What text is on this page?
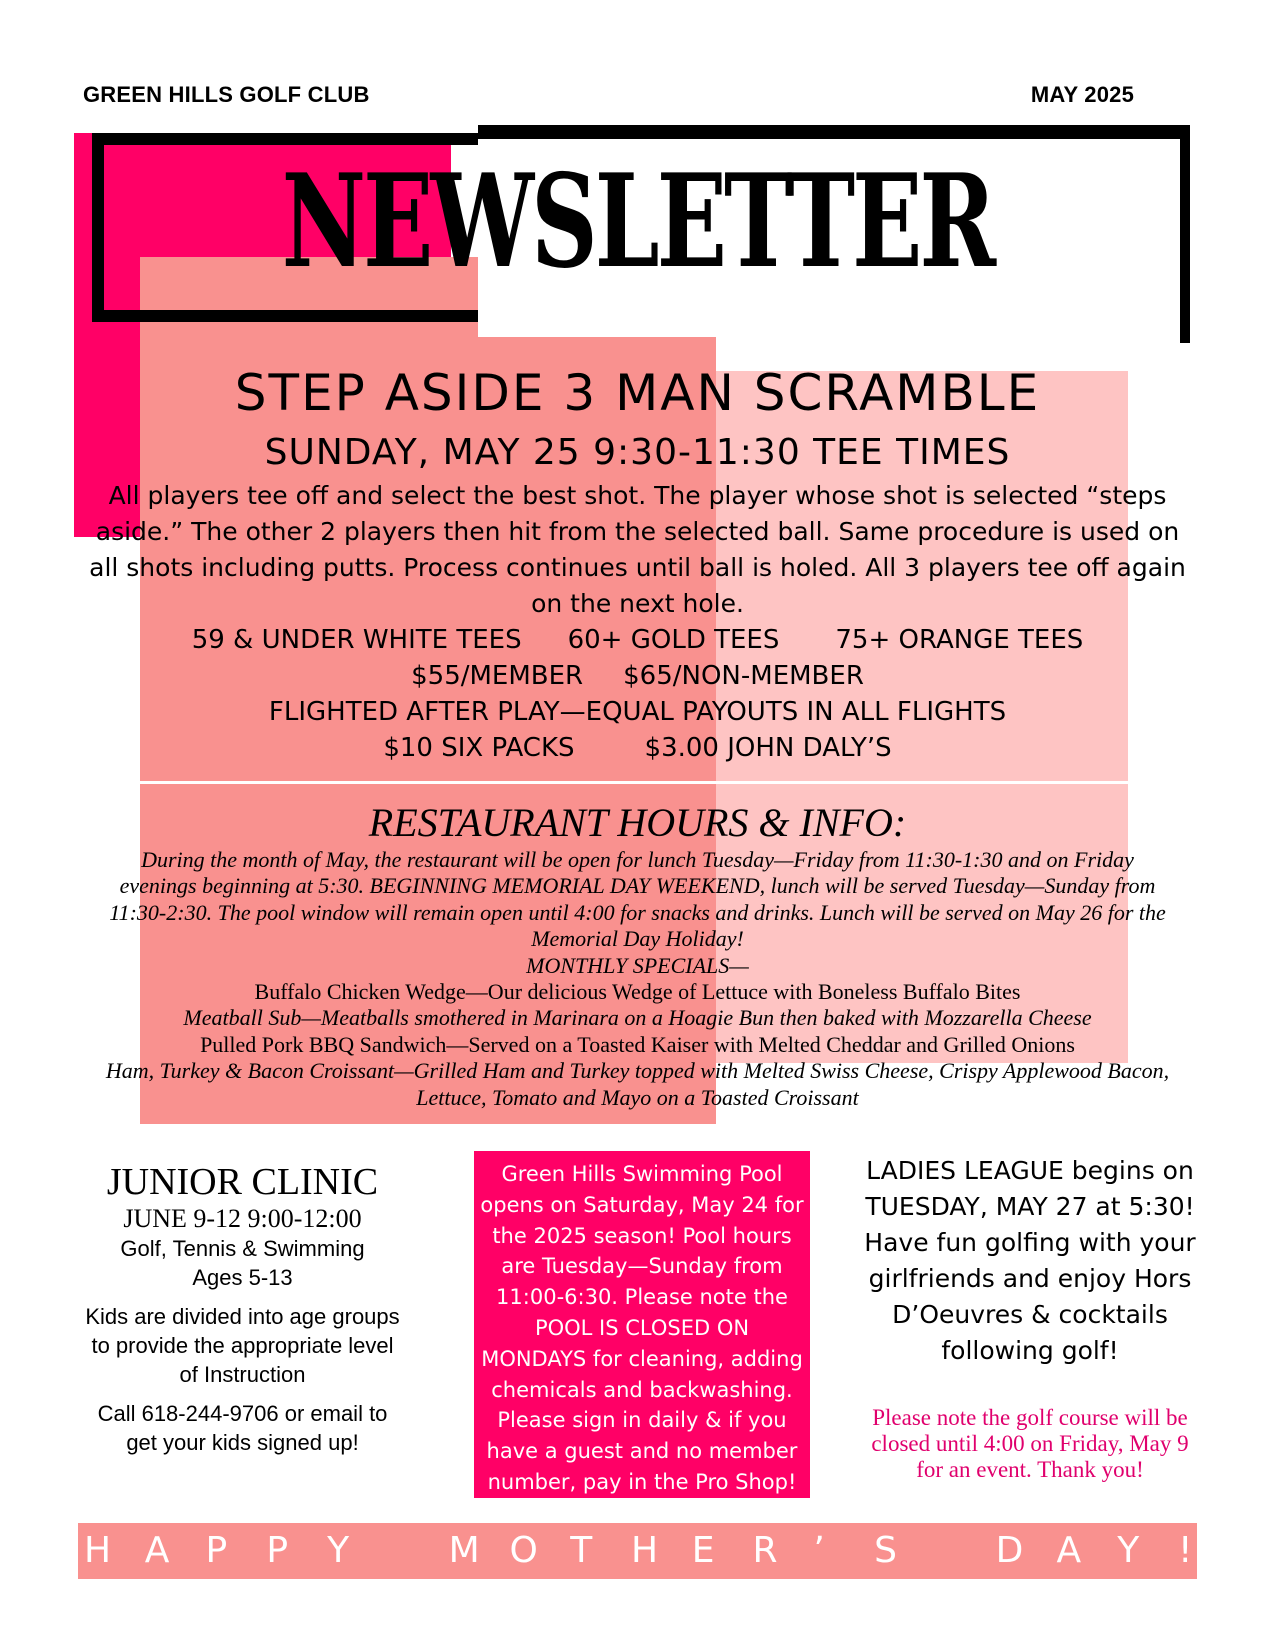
GREEN HILLS GOLF CLUB	MAY 2025
NEWSLETTER
STEP ASIDE 3 MAN SCRAMBLE
SUNDAY, MAY 25 9:30-11:30 TEE TIMES
All players tee off and select the best shot. The player whose shot is selected “steps aside.” The other 2 players then hit from the selected ball. Same procedure is used on all shots including putts. Process continues until ball is holed. All 3 players tee off again on the next hole.
59 & UNDER WHITE TEES 60+ GOLD TEES 75+ ORANGE TEES
$55/MEMBER $65/NON-MEMBER
FLIGHTED AFTER PLAY—EQUAL PAYOUTS IN ALL FLIGHTS
$10 SIX PACKS	$3.00 JOHN DALY’S
RESTAURANT HOURS & INFO:
During the month of May, the restaurant will be open for lunch Tuesday—Friday from 11:30-1:30 and on Friday evenings beginning at 5:30. BEGINNING MEMORIAL DAY WEEKEND, lunch will be served Tuesday—Sunday from 11:30-2:30. The pool window will remain open until 4:00 for snacks and drinks. Lunch will be served on May 26 for the Memorial Day Holiday!
MONTHLY SPECIALS—
Buffalo Chicken Wedge—Our delicious Wedge of Lettuce with Boneless Buffalo Bites
Meatball Sub—Meatballs smothered in Marinara on a Hoagie Bun then baked with Mozzarella Cheese
Pulled Pork BBQ Sandwich—Served on a Toasted Kaiser with Melted Cheddar and Grilled Onions
Ham, Turkey & Bacon Croissant—Grilled Ham and Turkey topped with Melted Swiss Cheese, Crispy Applewood Bacon, Lettuce, Tomato and Mayo on a Toasted Croissant
JUNIOR CLINIC
JUNE 9-12 9:00-12:00
Golf, Tennis & Swimming
Ages 5-13
Kids are divided into age groups to provide the appropriate level of Instruction
Call 618-244-9706 or email to get your kids signed up!
Green Hills Swimming Pool opens on Saturday, May 24 for the 2025 season! Pool hours are Tuesday—Sunday from 11:00-6:30. Please note the POOL IS CLOSED ON MONDAYS for cleaning, adding chemicals and backwashing. Please sign in daily & if you have a guest and no member number, pay in the Pro Shop!
LADIES LEAGUE begins on TUESDAY, MAY 27 at 5:30! Have fun golfing with your girlfriends and enjoy Hors D’Oeuvres & cocktails following golf!
Please note the golf course will be closed until 4:00 on Friday, May 9 for an event. Thank you!
H A P P Y	M O T H E R ’ S	D A Y !
